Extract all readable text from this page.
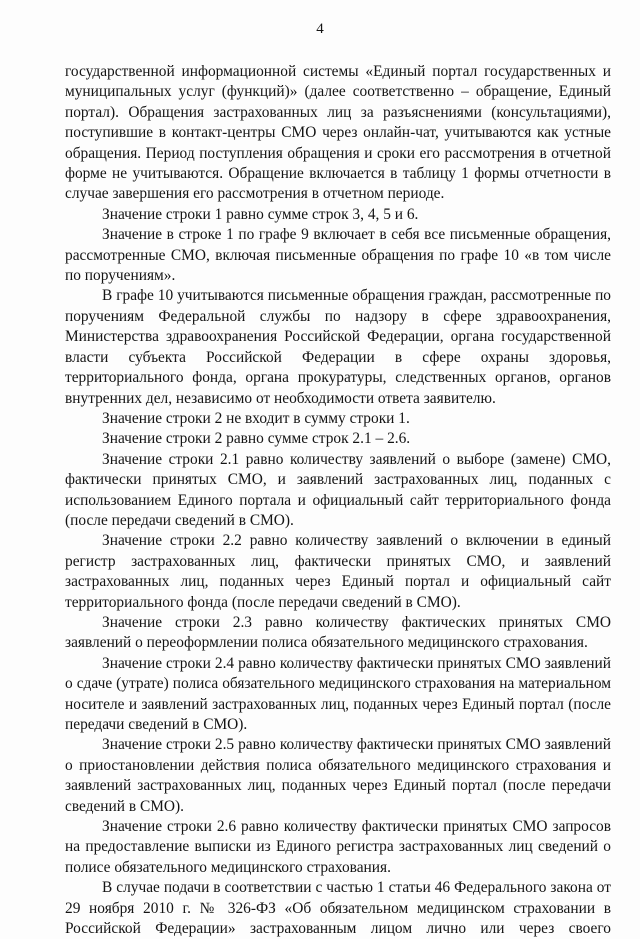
4

государственной информационной системы «Единый портал государственных и муниципальных услуг (функций)» (далее соответственно – обращение, Единый портал). Обращения застрахованных лиц за разъяснениями (консультациями), поступившие в контакт-центры СМО через онлайн-чат, учитываются как устные обращения. Период поступления обращения и сроки его рассмотрения в отчетной форме не учитываются. Обращение включается в таблицу 1 формы отчетности в случае завершения его рассмотрения в отчетном периоде.

Значение строки 1 равно сумме строк 3, 4, 5 и 6.

Значение в строке 1 по графе 9 включает в себя все письменные обращения, рассмотренные СМО, включая письменные обращения по графе 10 «в том числе по поручениям».

В графе 10 учитываются письменные обращения граждан, рассмотренные по поручениям Федеральной службы по надзору в сфере здравоохранения, Министерства здравоохранения Российской Федерации, органа государственной власти субъекта Российской Федерации в сфере охраны здоровья, территориального фонда, органа прокуратуры, следственных органов, органов внутренних дел, независимо от необходимости ответа заявителю.

Значение строки 2 не входит в сумму строки 1.

Значение строки 2 равно сумме строк 2.1 – 2.6.

Значение строки 2.1 равно количеству заявлений о выборе (замене) СМО, фактически принятых СМО, и заявлений застрахованных лиц, поданных с использованием Единого портала и официальный сайт территориального фонда (после передачи сведений в СМО).

Значение строки 2.2 равно количеству заявлений о включении в единый регистр застрахованных лиц, фактически принятых СМО, и заявлений застрахованных лиц, поданных через Единый портал и официальный сайт территориального фонда (после передачи сведений в СМО).

Значение строки 2.3 равно количеству фактических принятых СМО заявлений о переоформлении полиса обязательного медицинского страхования.

Значение строки 2.4 равно количеству фактически принятых СМО заявлений о сдаче (утрате) полиса обязательного медицинского страхования на материальном носителе и заявлений застрахованных лиц, поданных через Единый портал (после передачи сведений в СМО).

Значение строки 2.5 равно количеству фактически принятых СМО заявлений о приостановлении действия полиса обязательного медицинского страхования и заявлений застрахованных лиц, поданных через Единый портал (после передачи сведений в СМО).

Значение строки 2.6 равно количеству фактически принятых СМО запросов на предоставление выписки из Единого регистра застрахованных лиц сведений о полисе обязательного медицинского страхования.

В случае подачи в соответствии с частью 1 статьи 46 Федерального закона от 29 ноября 2010 г. № 326-ФЗ «Об обязательном медицинском страховании в Российской Федерации» застрахованным лицом лично или через своего
